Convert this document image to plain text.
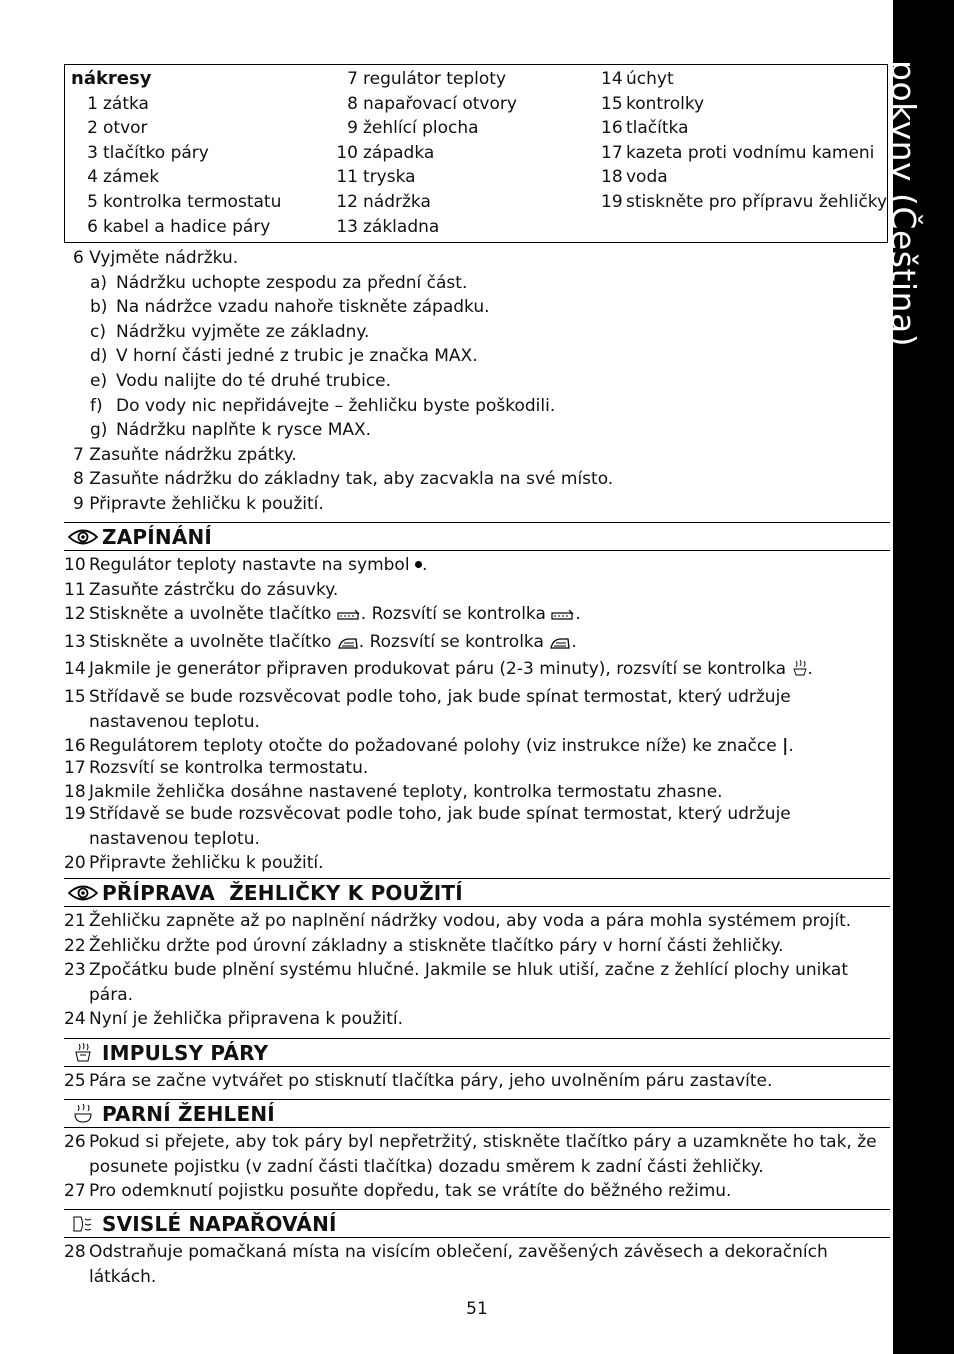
pokyny (Čeština)
nákresy
1 zátka
2 otvor
3 tlačítko páry
4 zámek
5 kontrolka termostatu
6 kabel a hadice páry
7 regulátor teploty
8 napařovací otvory
9 žehlící plocha
10 západka
11 tryska
12 nádržka
13 základna
14 úchyt
15 kontrolky
16 tlačítka
17 kazeta proti vodnímu kameni
18 voda
19 stiskněte pro přípravu žehličky
6 Vyjměte nádržku.
a) Nádržku uchopte zespodu za přední část.
b) Na nádržce vzadu nahoře tiskněte západku.
c) Nádržku vyjměte ze základny.
d) V horní části jedné z trubic je značka MAX.
e) Vodu nalijte do té druhé trubice.
f) Do vody nic nepřidávejte – žehličku byste poškodili.
g) Nádržku naplňte k rysce MAX.
7 Zasuňte nádržku zpátky.
8 Zasuňte nádržku do základny tak, aby zacvakla na své místo.
9 Připravte žehličku k použití.
ZAPÍNÁNÍ
10 Regulátor teploty nastavte na symbol .
11 Zasuňte zástrčku do zásuvky.
12 Stiskněte a uvolněte tlačítko . Rozsvítí se kontrolka .
13 Stiskněte a uvolněte tlačítko . Rozsvítí se kontrolka .
14 Jakmile je generátor připraven produkovat páru (2-3 minuty), rozsvítí se kontrolka .
15 Střídavě se bude rozsvěcovat podle toho, jak bude spínat termostat, který udržuje nastavenou teplotu.
16 Regulátorem teploty otočte do požadované polohy (viz instrukce níže) ke značce |.
17 Rozsvítí se kontrolka termostatu.
18 Jakmile žehlička dosáhne nastavené teploty, kontrolka termostatu zhasne.
19 Střídavě se bude rozsvěcovat podle toho, jak bude spínat termostat, který udržuje nastavenou teplotu.
20 Připravte žehličku k použití.
PŘÍPRAVA  ŽEHLIČKY K POUŽITÍ
21 Žehličku zapněte až po naplnění nádržky vodou, aby voda a pára mohla systémem projít.
22 Žehličku držte pod úrovní základny a stiskněte tlačítko páry v horní části žehličky.
23 Zpočátku bude plnění systému hlučné. Jakmile se hluk utiší, začne z žehlící plochy unikat pára.
24 Nyní je žehlička připravena k použití.
IMPULSY PÁRY
25 Pára se začne vytvářet po stisknutí tlačítka páry, jeho uvolněním páru zastavíte.
PARNÍ ŽEHLENÍ
26 Pokud si přejete, aby tok páry byl nepřetržitý, stiskněte tlačítko páry a uzamkněte ho tak, že posunete pojistku (v zadní části tlačítka) dozadu směrem k zadní části žehličky.
27 Pro odemknutí pojistku posuňte dopředu, tak se vrátíte do běžného režimu.
SVISLÉ NAPAŘOVÁNÍ
28 Odstraňuje pomačkaná místa na visícím oblečení, zavěšených závěsech a dekoračních látkách.
51
